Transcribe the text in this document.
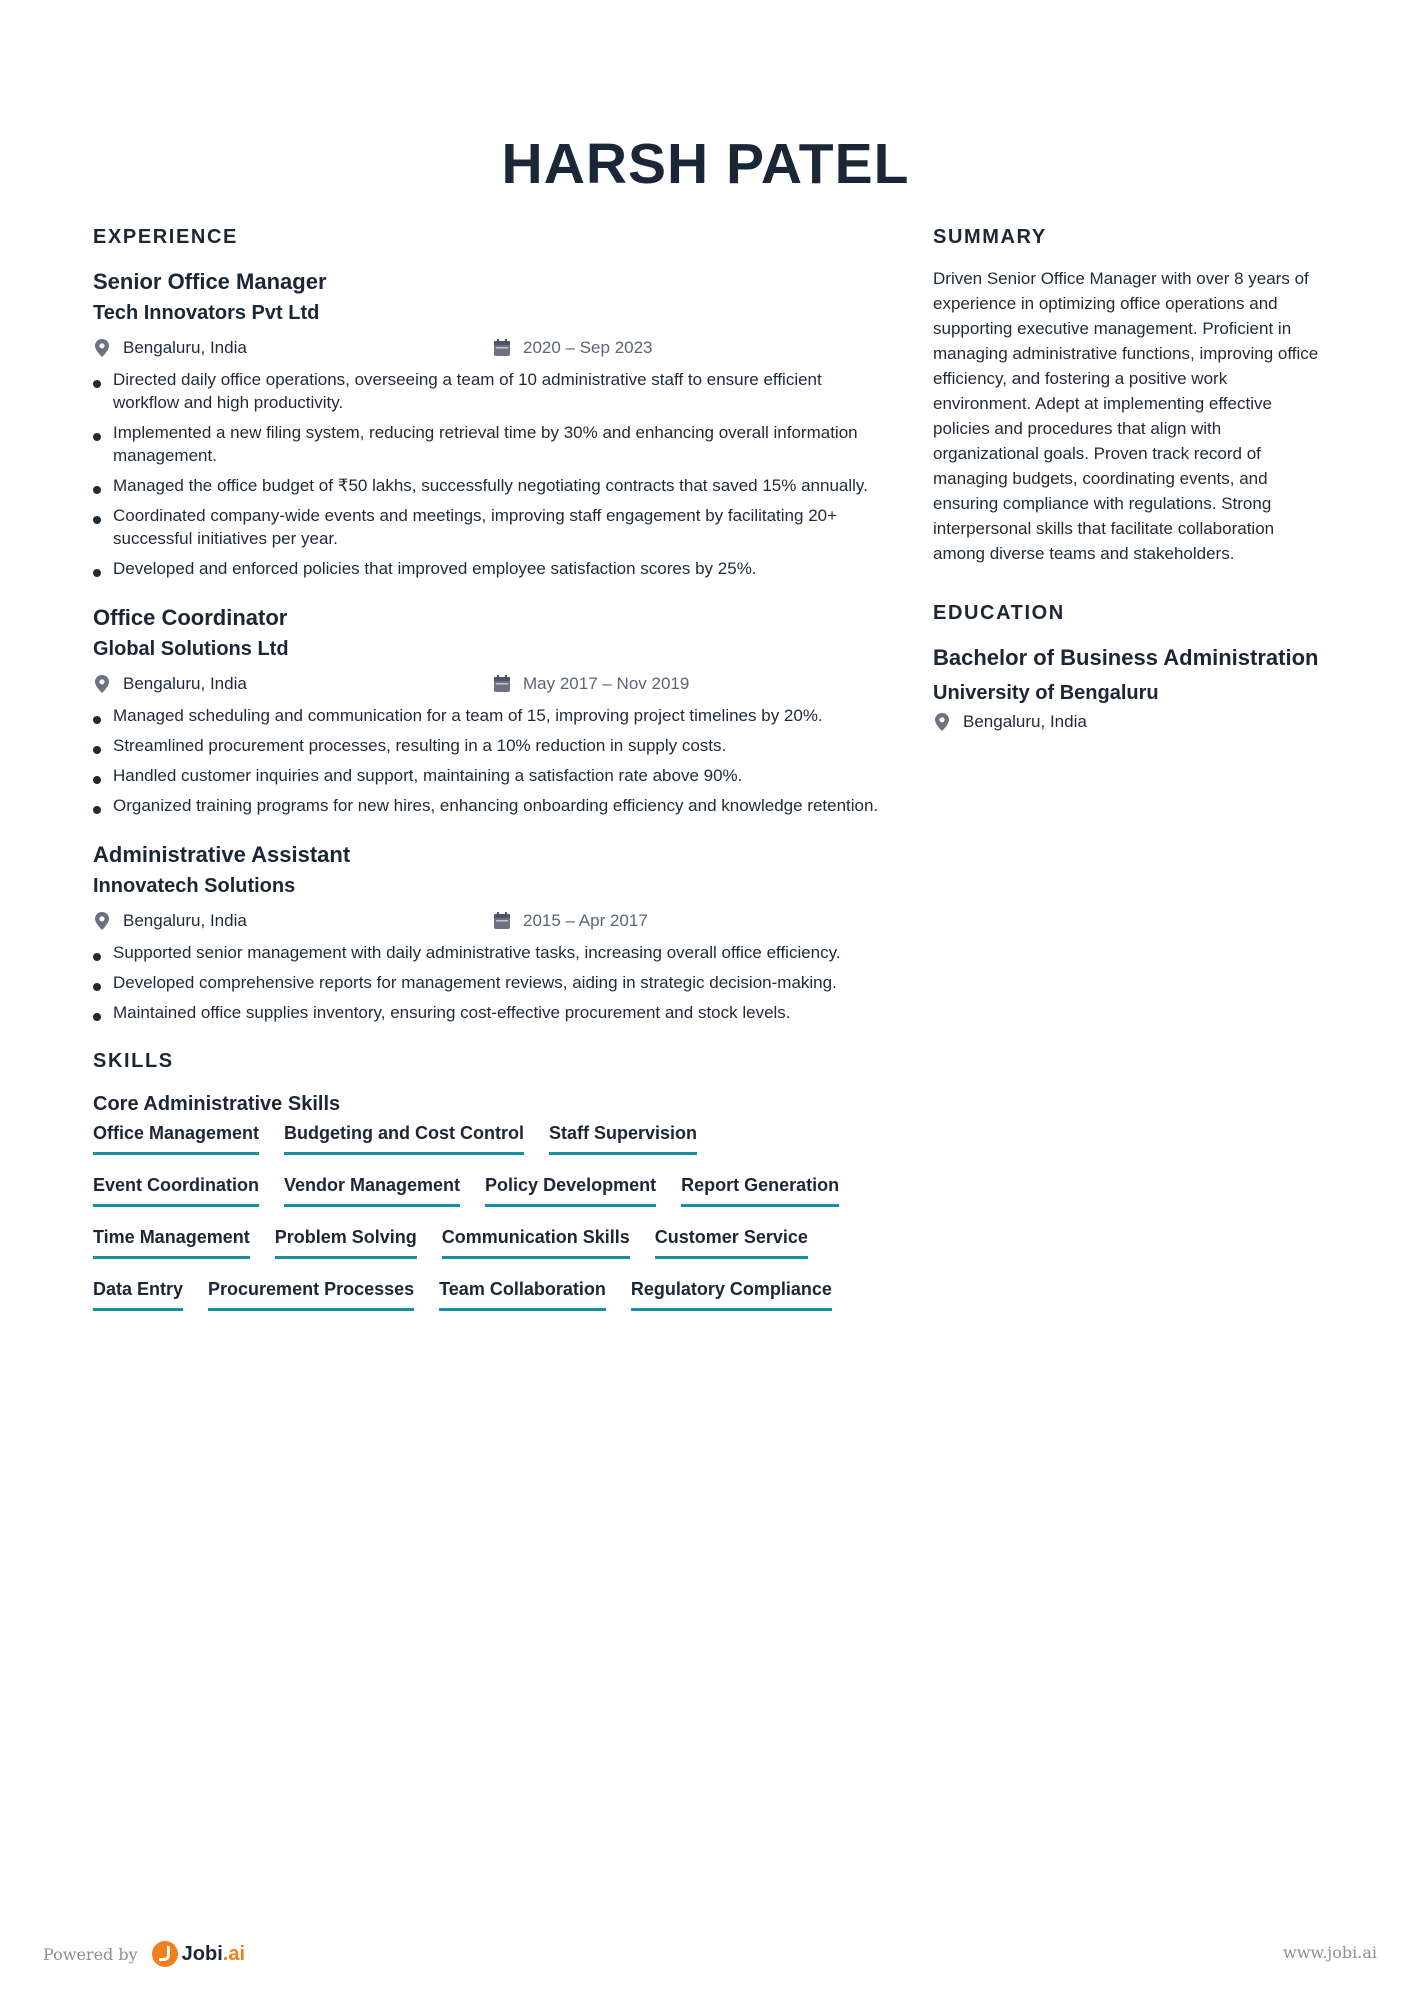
HARSH PATEL
EXPERIENCE

Senior Office Manager

Tech Innovators Pvt Ltd

Bengaluru, India	2020 – Sep 2023
Directed daily office operations, overseeing a team of 10 administrative staff to ensure efficient workflow and high productivity.
Implemented a new filing system, reducing retrieval time by 30% and enhancing overall information management.
Managed the office budget of ₹50 lakhs, successfully negotiating contracts that saved 15% annually.
Coordinated company-wide events and meetings, improving staff engagement by facilitating 20+ successful initiatives per year.
Developed and enforced policies that improved employee satisfaction scores by 25%.

Office Coordinator

Global Solutions Ltd

Bengaluru, India	May 2017 – Nov 2019
Managed scheduling and communication for a team of 15, improving project timelines by 20%.
Streamlined procurement processes, resulting in a 10% reduction in supply costs.
Handled customer inquiries and support, maintaining a satisfaction rate above 90%.
Organized training programs for new hires, enhancing onboarding efficiency and knowledge retention.

Administrative Assistant

Innovatech Solutions

Bengaluru, India	2015 – Apr 2017
Supported senior management with daily administrative tasks, increasing overall office efficiency.
Developed comprehensive reports for management reviews, aiding in strategic decision-making.
Maintained office supplies inventory, ensuring cost-effective procurement and stock levels.
SKILLS

Core Administrative Skills

Office Management Budgeting and Cost Control Staff Supervision
Event Coordination Vendor Management Policy Development Report Generation
Time Management Problem Solving Communication Skills Customer Service
Data Entry Procurement Processes Team Collaboration Regulatory Compliance
SUMMARY

Driven Senior Office Manager with over 8 years of experience in optimizing office operations and supporting executive management. Proficient in managing administrative functions, improving office efficiency, and fostering a positive work environment. Adept at implementing effective policies and procedures that align with organizational goals. Proven track record of managing budgets, coordinating events, and ensuring compliance with regulations. Strong interpersonal skills that facilitate collaboration among diverse teams and stakeholders.

EDUCATION

Bachelor of Business Administration

University of Bengaluru

Bengaluru, India
Powered by Jobi.ai	www.jobi.ai
